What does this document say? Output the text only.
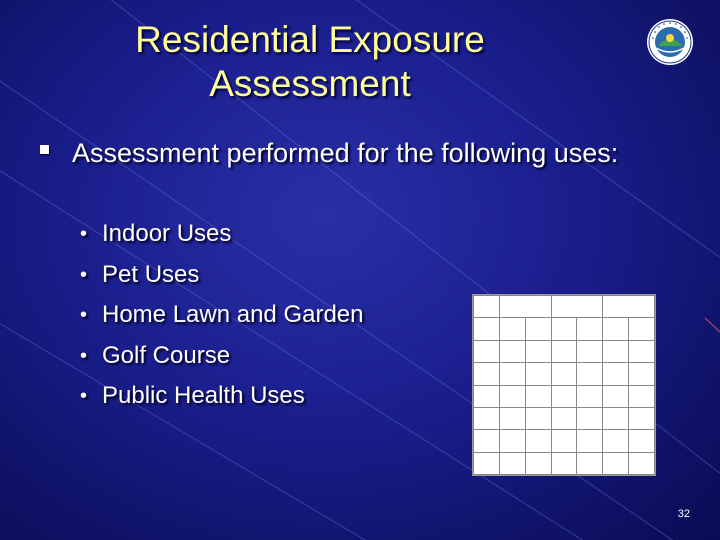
Residential Exposure Assessment
Assessment performed for the following uses:
• Indoor Uses
• Pet Uses
• Home Lawn and Garden
• Golf Course
• Public Health Uses

32
